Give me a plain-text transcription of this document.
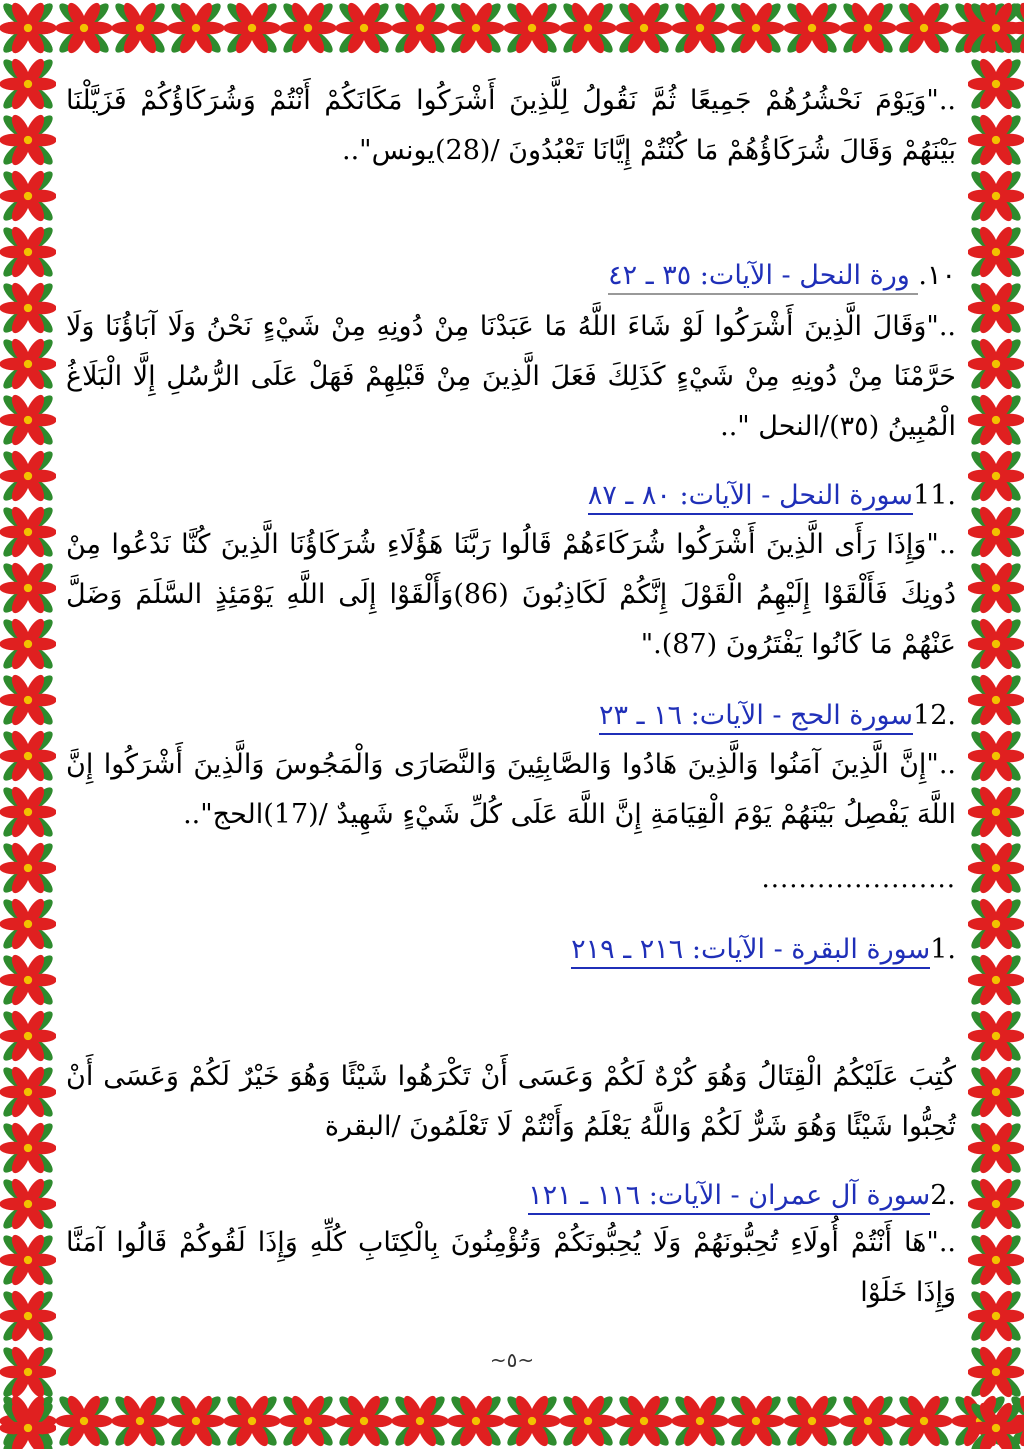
.."وَيَوْمَ نَحْشُرُهُمْ جَمِيعًا ثُمَّ نَقُولُ لِلَّذِينَ أَشْرَكُوا مَكَانَكُمْ أَنْتُمْ وَشُرَكَاؤُكُمْ فَزَيَّلْنَا بَيْنَهُمْ وَقَالَ شُرَكَاؤُهُمْ مَا كُنْتُمْ إِيَّانَا تَعْبُدُونَ /(28)يونس"..
١٠. ورة النحل - الآيات: ٣٥ ـ ٤٢
.."وَقَالَ الَّذِينَ أَشْرَكُوا لَوْ شَاءَ اللَّهُ مَا عَبَدْنَا مِنْ دُونِهِ مِنْ شَيْءٍ نَحْنُ وَلَا آبَاؤُنَا وَلَا حَرَّمْنَا مِنْ دُونِهِ مِنْ شَيْءٍ كَذَلِكَ فَعَلَ الَّذِينَ مِنْ قَبْلِهِمْ فَهَلْ عَلَى الرُّسُلِ إِلَّا الْبَلَاغُ الْمُبِينُ (٣٥)/النحل "..
.11سورة النحل - الآيات: ٨٠ ـ ٨٧
.."وَإِذَا رَأَى الَّذِينَ أَشْرَكُوا شُرَكَاءَهُمْ قَالُوا رَبَّنَا هَؤُلَاءِ شُرَكَاؤُنَا الَّذِينَ كُنَّا نَدْعُوا مِنْ دُونِكَ فَأَلْقَوْا إِلَيْهِمُ الْقَوْلَ إِنَّكُمْ لَكَاذِبُونَ (86)وَأَلْقَوْا إِلَى اللَّهِ يَوْمَئِذٍ السَّلَمَ وَضَلَّ عَنْهُمْ مَا كَانُوا يَفْتَرُونَ (87)."
.12سورة الحج - الآيات: ١٦ ـ ٢٣
.."إِنَّ الَّذِينَ آمَنُوا وَالَّذِينَ هَادُوا وَالصَّابِئِينَ وَالنَّصَارَى وَالْمَجُوسَ وَالَّذِينَ أَشْرَكُوا إِنَّ اللَّهَ يَفْصِلُ بَيْنَهُمْ يَوْمَ الْقِيَامَةِ إِنَّ اللَّهَ عَلَى كُلِّ شَيْءٍ شَهِيدٌ /(17)الحج"..
.....................
.1سورة البقرة - الآيات: ٢١٦ ـ ٢١٩
كُتِبَ عَلَيْكُمُ الْقِتَالُ وَهُوَ كُرْهٌ لَكُمْ وَعَسَى أَنْ تَكْرَهُوا شَيْئًا وَهُوَ خَيْرٌ لَكُمْ وَعَسَى أَنْ تُحِبُّوا شَيْئًا وَهُوَ شَرٌّ لَكُمْ وَاللَّهُ يَعْلَمُ وَأَنْتُمْ لَا تَعْلَمُونَ /البقرة
.2سورة آل عمران - الآيات: ١١٦ ـ ١٢١
.."هَا أَنْتُمْ أُولَاءِ تُحِبُّونَهُمْ وَلَا يُحِبُّونَكُمْ وَتُؤْمِنُونَ بِالْكِتَابِ كُلِّهِ وَإِذَا لَقُوكُمْ قَالُوا آمَنَّا وَإِذَا خَلَوْا
~٥~
